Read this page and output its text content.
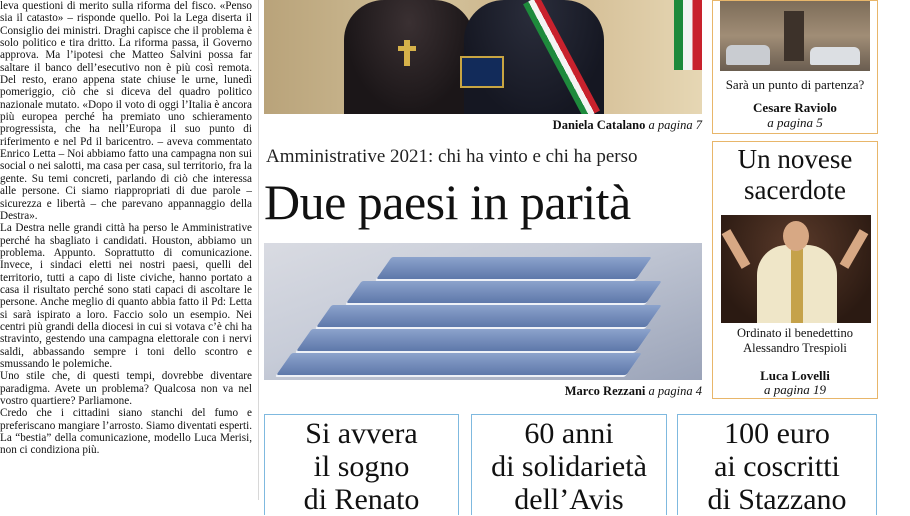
leva questioni di merito sulla riforma del fisco. «Penso sia il catasto» – risponde quello. Poi la Lega diserta il Consiglio dei ministri. Draghi capisce che il problema è solo politico e tira dritto. La riforma passa, il Governo approva. Ma l’ipotesi che Matteo Salvini possa far saltare il banco dell’esecutivo non è più così remota. Del resto, erano appena state chiuse le urne, lunedì pomeriggio, ciò che si diceva del quadro politico nazionale mutato. «Dopo il voto di oggi l’Italia è ancora più europea perché ha premiato uno schieramento progressista, che ha nell’Europa il suo punto di riferimento e nel Pd il baricentro. – aveva commentato Enrico Letta – Noi abbiamo fatto una campagna non sui social o nei salotti, ma casa per casa, sul territorio, fra la gente. Su temi concreti, parlando di ciò che interessa alle persone. Ci siamo riappropriati di due parole – sicurezza e libertà – che parevano appannaggio della Destra».

La Destra nelle grandi città ha perso le Amministrative perché ha sbagliato i candidati. Houston, abbiamo un problema. Appunto. Soprattutto di comunicazione. Invece, i sindaci eletti nei nostri paesi, quelli del territorio, tutti a capo di liste civiche, hanno portato a casa il risultato perché sono stati capaci di ascoltare le persone. Anche meglio di quanto abbia fatto il Pd: Letta si sarà ispirato a loro. Faccio solo un esempio. Nei centri più grandi della diocesi in cui si votava c’è chi ha stravinto, gestendo una campagna elettorale con i nervi saldi, abbassando sempre i toni dello scontro e smussando le polemiche.

Uno stile che, di questi tempi, dovrebbe diventare paradigma. Avete un problema? Qualcosa non va nel vostro quartiere? Parliamone.

Credo che i cittadini siano stanchi del fumo e preferiscano mangiare l’arrosto. Siamo diventati esperti. La “bestia” della comunicazione, modello Luca Merisi, non ci condiziona più.

Daniela Catalano a pagina 7
Amministrative 2021: chi ha vinto e chi ha perso
Due paesi in parità
Marco Rezzani a pagina 4
Sarà un punto di partenza?
Cesare Raviolo
a pagina 5
Un novese
sacerdote
Ordinato il benedettino
Alessandro Trespioli
Luca Lovelli
a pagina 19
Si avvera
il sogno
di Renato
60 anni
di solidarietà
dell’Avis
100 euro
ai coscritti
di Stazzano
